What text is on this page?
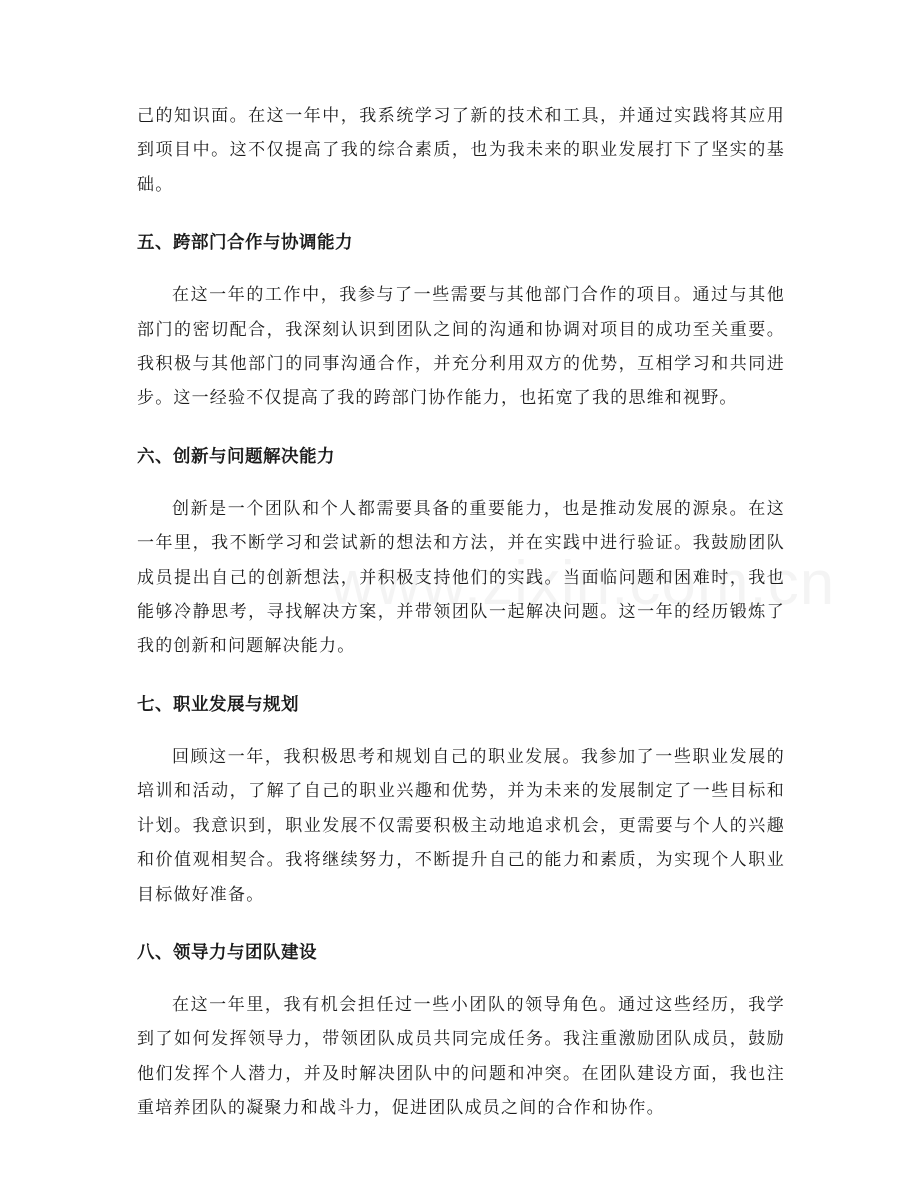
己的知识面。在这一年中，我系统学习了新的技术和工具，并通过实践将其应用到项目中。这不仅提高了我的综合素质，也为我未来的职业发展打下了坚实的基础。

五、跨部门合作与协调能力

在这一年的工作中，我参与了一些需要与其他部门合作的项目。通过与其他部门的密切配合，我深刻认识到团队之间的沟通和协调对项目的成功至关重要。我积极与其他部门的同事沟通合作，并充分利用双方的优势，互相学习和共同进步。这一经验不仅提高了我的跨部门协作能力，也拓宽了我的思维和视野。

六、创新与问题解决能力

创新是一个团队和个人都需要具备的重要能力，也是推动发展的源泉。在这一年里，我不断学习和尝试新的想法和方法，并在实践中进行验证。我鼓励团队成员提出自己的创新想法，并积极支持他们的实践。当面临问题和困难时，我也能够冷静思考，寻找解决方案，并带领团队一起解决问题。这一年的经历锻炼了我的创新和问题解决能力。

七、职业发展与规划

回顾这一年，我积极思考和规划自己的职业发展。我参加了一些职业发展的培训和活动，了解了自己的职业兴趣和优势，并为未来的发展制定了一些目标和计划。我意识到，职业发展不仅需要积极主动地追求机会，更需要与个人的兴趣和价值观相契合。我将继续努力，不断提升自己的能力和素质，为实现个人职业目标做好准备。

八、领导力与团队建设

在这一年里，我有机会担任过一些小团队的领导角色。通过这些经历，我学到了如何发挥领导力，带领团队成员共同完成任务。我注重激励团队成员，鼓励他们发挥个人潜力，并及时解决团队中的问题和冲突。在团队建设方面，我也注重培养团队的凝聚力和战斗力，促进团队成员之间的合作和协作。
